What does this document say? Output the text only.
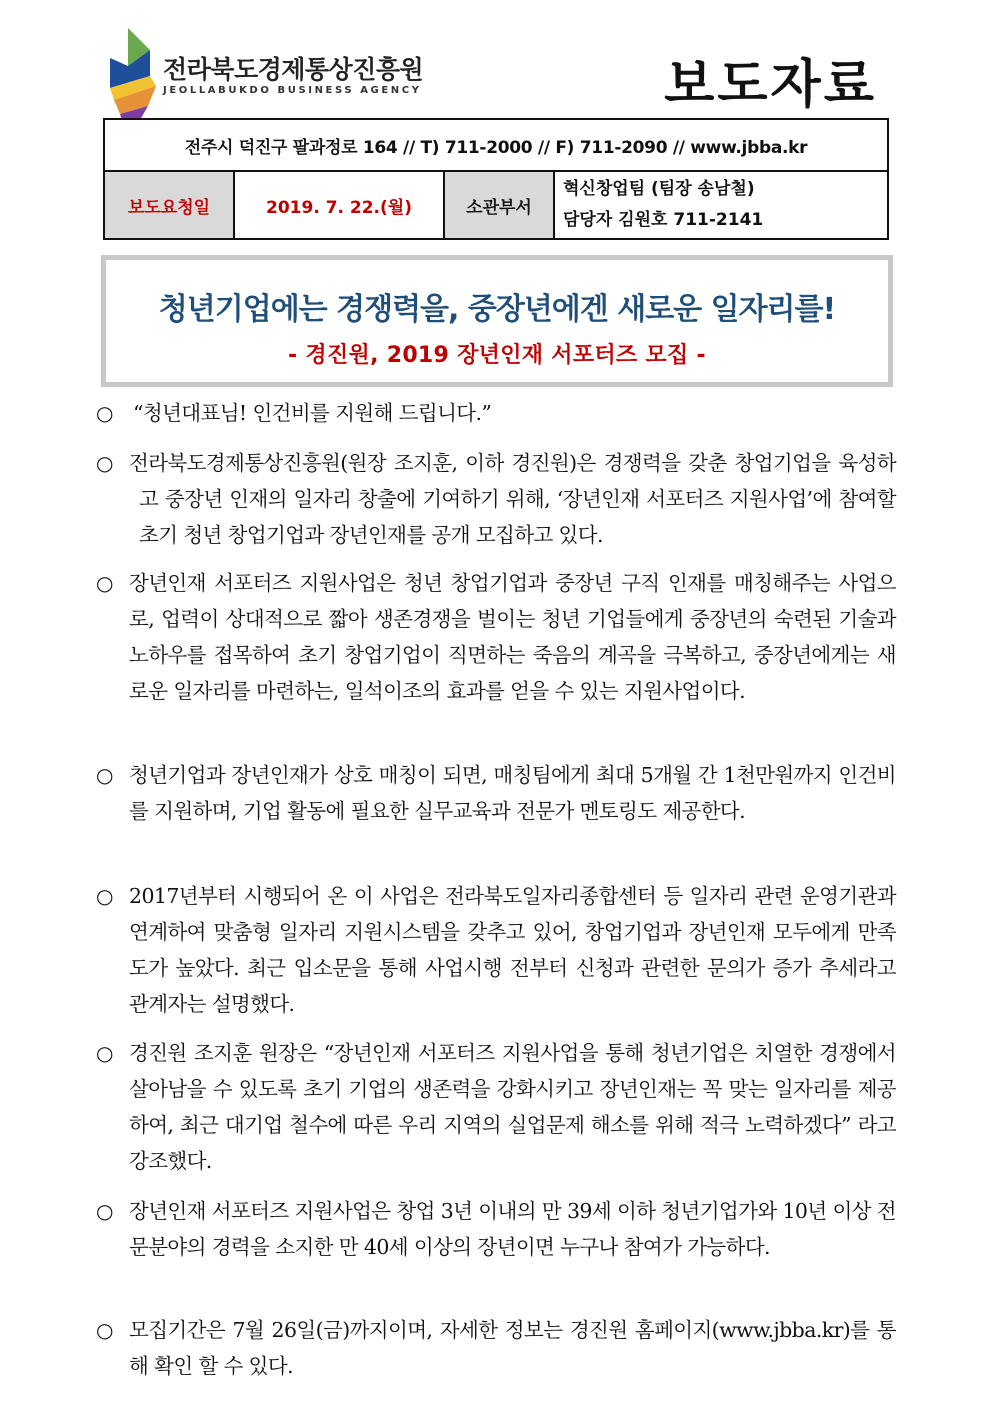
전라북도경제통상진흥원
JEOLLABUKDO BUSINESS AGENCY	보도자료
전주시 덕진구 팔과정로 164 // T) 711-2000 // F) 711-2090 // www.jbba.kr
보도요청일	2019. 7. 22.(월)	소관부서	
혁신창업팀 (팀장 송남철)
담당자 김원호 711-2141
청년기업에는 경쟁력을, 중장년에겐 새로운 일자리를!
- 경진원, 2019 장년인재 서포터즈 모집 -
○ “청년대표님! 인건비를 지원해 드립니다.”
○ 전라북도경제통상진흥원(원장 조지훈, 이하 경진원)은 경쟁력을 갖춘 창업기업을 육성하고 중장년 인재의 일자리 창출에 기여하기 위해, ‘장년인재 서포터즈 지원사업’에 참여할 초기 청년 창업기업과 장년인재를 공개 모집하고 있다.
○ 장년인재 서포터즈 지원사업은 청년 창업기업과 중장년 구직 인재를 매칭해주는 사업으로, 업력이 상대적으로 짧아 생존경쟁을 벌이는 청년 기업들에게 중장년의 숙련된 기술과 노하우를 접목하여 초기 창업기업이 직면하는 죽음의 계곡을 극복하고, 중장년에게는 새로운 일자리를 마련하는, 일석이조의 효과를 얻을 수 있는 지원사업이다.
○ 청년기업과 장년인재가 상호 매칭이 되면, 매칭팀에게 최대 5개월 간 1천만원까지 인건비를 지원하며, 기업 활동에 필요한 실무교육과 전문가 멘토링도 제공한다.
○ 2017년부터 시행되어 온 이 사업은 전라북도일자리종합센터 등 일자리 관련 운영기관과 연계하여 맞춤형 일자리 지원시스템을 갖추고 있어, 창업기업과 장년인재 모두에게 만족도가 높았다. 최근 입소문을 통해 사업시행 전부터 신청과 관련한 문의가 증가 추세라고 관계자는 설명했다.
○ 경진원 조지훈 원장은 “장년인재 서포터즈 지원사업을 통해 청년기업은 치열한 경쟁에서 살아남을 수 있도록 초기 기업의 생존력을 강화시키고 장년인재는 꼭 맞는 일자리를 제공하여, 최근 대기업 철수에 따른 우리 지역의 실업문제 해소를 위해 적극 노력하겠다” 라고 강조했다.
○ 장년인재 서포터즈 지원사업은 창업 3년 이내의 만 39세 이하 청년기업가와 10년 이상 전문분야의 경력을 소지한 만 40세 이상의 장년이면 누구나 참여가 가능하다.
○ 모집기간은 7월 26일(금)까지이며, 자세한 정보는 경진원 홈페이지(www.jbba.kr)를 통해 확인 할 수 있다.
